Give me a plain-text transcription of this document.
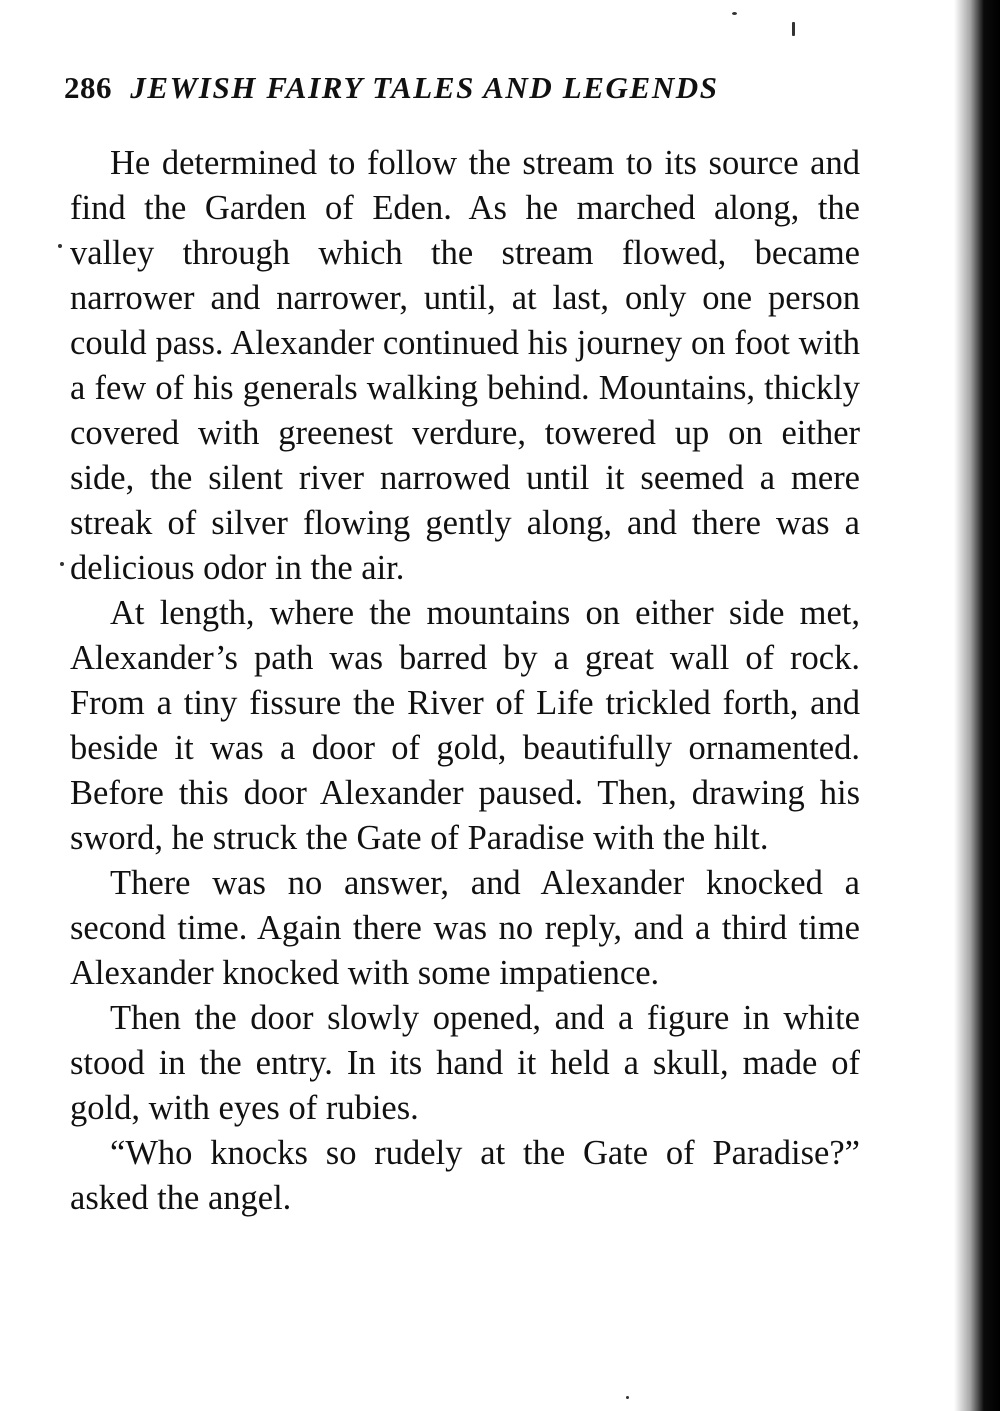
286 JEWISH FAIRY TALES AND LEGENDS

He determined to follow the stream to its source and find the Garden of Eden. As he marched along, the valley through which the stream flowed, became narrower and narrower, until, at last, only one person could pass. Alexander continued his journey on foot with a few of his generals walking behind. Mountains, thickly covered with greenest verdure, towered up on either side, the silent river narrowed until it seemed a mere streak of silver flowing gently along, and there was a delicious odor in the air.

At length, where the mountains on either side met, Alexander’s path was barred by a great wall of rock. From a tiny fissure the River of Life trickled forth, and beside it was a door of gold, beautifully ornamented. Before this door Alexander paused. Then, drawing his sword, he struck the Gate of Paradise with the hilt.

There was no answer, and Alexander knocked a second time. Again there was no reply, and a third time Alexander knocked with some impatience.

Then the door slowly opened, and a figure in white stood in the entry. In its hand it held a skull, made of gold, with eyes of rubies.

“Who knocks so rudely at the Gate of Paradise?” asked the angel.
